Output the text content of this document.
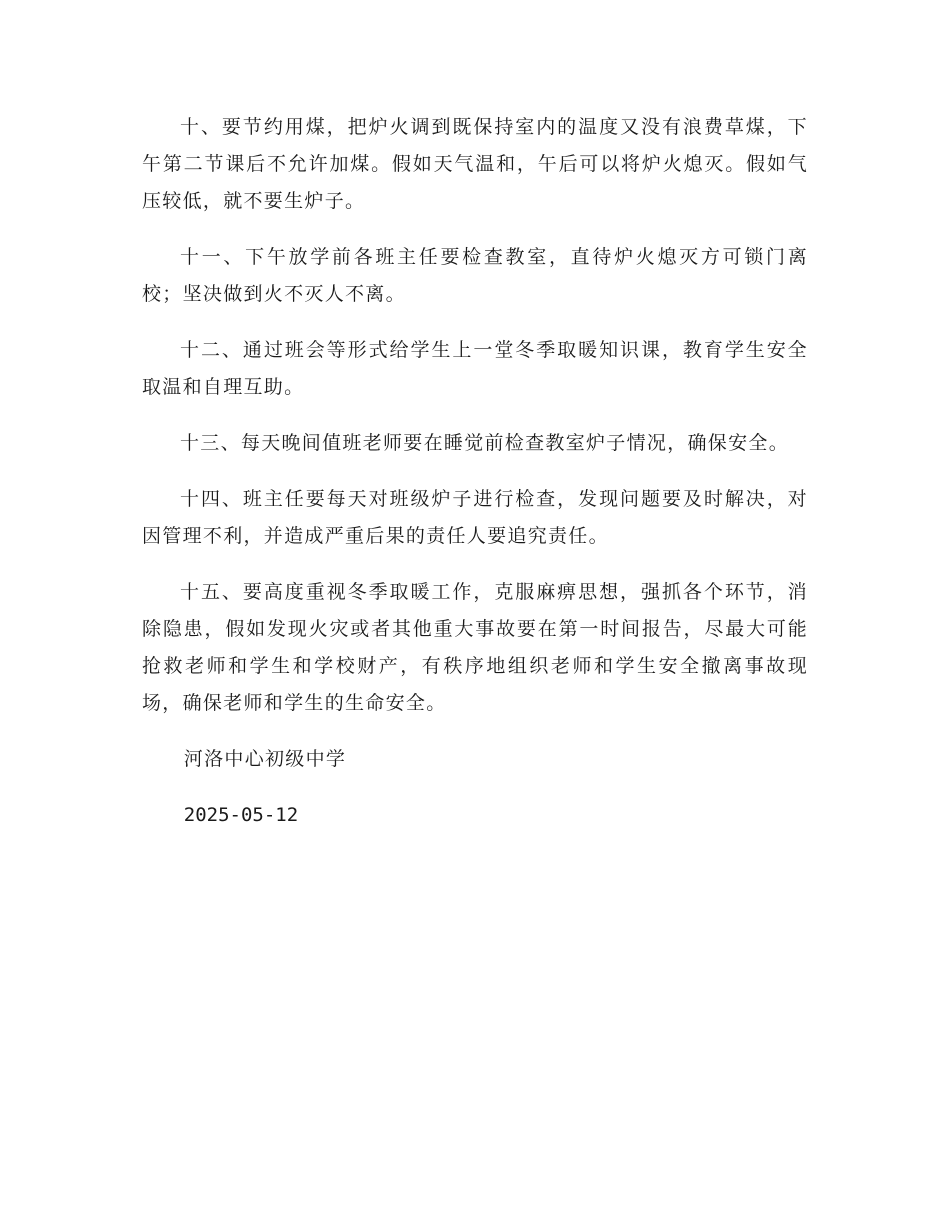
十、要节约用煤，把炉火调到既保持室内的温度又没有浪费草煤，下午第二节课后不允许加煤。假如天气温和，午后可以将炉火熄灭。假如气压较低，就不要生炉子。

十一、下午放学前各班主任要检查教室，直待炉火熄灭方可锁门离校；坚决做到火不灭人不离。

十二、通过班会等形式给学生上一堂冬季取暖知识课，教育学生安全取温和自理互助。

十三、每天晚间值班老师要在睡觉前检查教室炉子情况，确保安全。

十四、班主任要每天对班级炉子进行检查，发现问题要及时解决，对因管理不利，并造成严重后果的责任人要追究责任。

十五、要高度重视冬季取暖工作，克服麻痹思想，强抓各个环节，消除隐患，假如发现火灾或者其他重大事故要在第一时间报告，尽最大可能抢救老师和学生和学校财产，有秩序地组织老师和学生安全撤离事故现场，确保老师和学生的生命安全。

河洛中心初级中学

2025-05-12
